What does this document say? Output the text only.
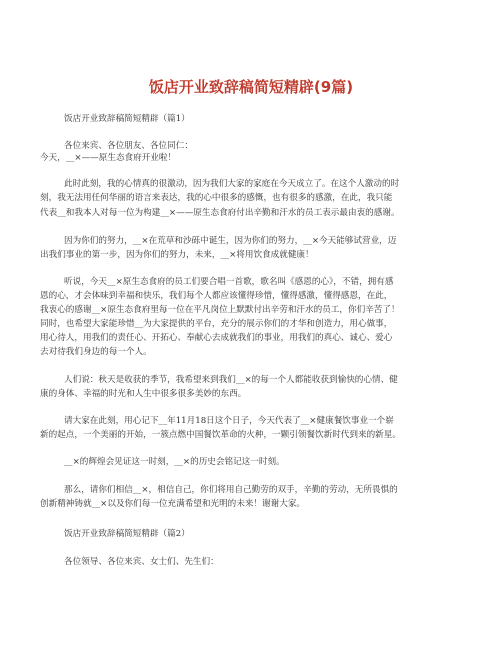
饭店开业致辞稿简短精辟(9篇)
饭店开业致辞稿简短精辟（篇1）
各位来宾、各位朋友、各位同仁：
今天，__×——原生态食府开业啦！
此时此刻，我的心情真的很激动，因为我们大家的家庭在今天成立了。在这个人激动的时
刻，我无法用任何华丽的语言来表达，我的心中很多的感慨，也有很多的感激，在此，我只能
代表__和我本人对每一位为构建__×——原生态食府付出辛勤和汗水的员工表示最由衷的感谢。
因为你们的努力，__×在荒草和沙砾中诞生，因为你们的努力，__×今天能够试营业，迈
出我们事业的第一步，因为你们的努力，未来，__×将用饮食成就健康！
听说，今天__×原生态食府的员工们要合唱一首歌，歌名叫《感恩的心》，不错，拥有感
恩的心，才会体味到幸福和快乐，我们每个人都应该懂得珍惜，懂得感激，懂得感恩，在此，
我衷心的感谢__×原生态食府里每一位在平凡岗位上默默付出辛劳和汗水的员工，你们辛苦了！
同时，也希望大家能珍惜__为大家提供的平台，充分的展示你们的才华和创造力，用心做事，
用心待人，用我们的责任心、开拓心、奉献心去成就我们的事业，用我们的真心、诚心、爱心
去对待我们身边的每一个人。
人们说：秋天是收获的季节，我希望来到我们__×的每一个人都能收获到愉快的心情、健
康的身体、幸福的时光和人生中很多很多美妙的东西。
请大家在此刻，用心记下__年11月18日这个日子，今天代表了__×健康餐饮事业一个崭
新的起点，一个美丽的开始，一簇点燃中国餐饮革命的火种，一颗引领餐饮新时代到来的新星。
__×的辉煌会见证这一时刻，__×的历史会铭记这一时刻。
那么，请你们相信__×，相信自己，你们将用自己勤劳的双手，辛勤的劳动，无所畏惧的
创新精神铸就__×以及你们每一位充满希望和光明的未来！谢谢大家。
饭店开业致辞稿简短精辟（篇2）
各位领导、各位来宾、女士们、先生们：
